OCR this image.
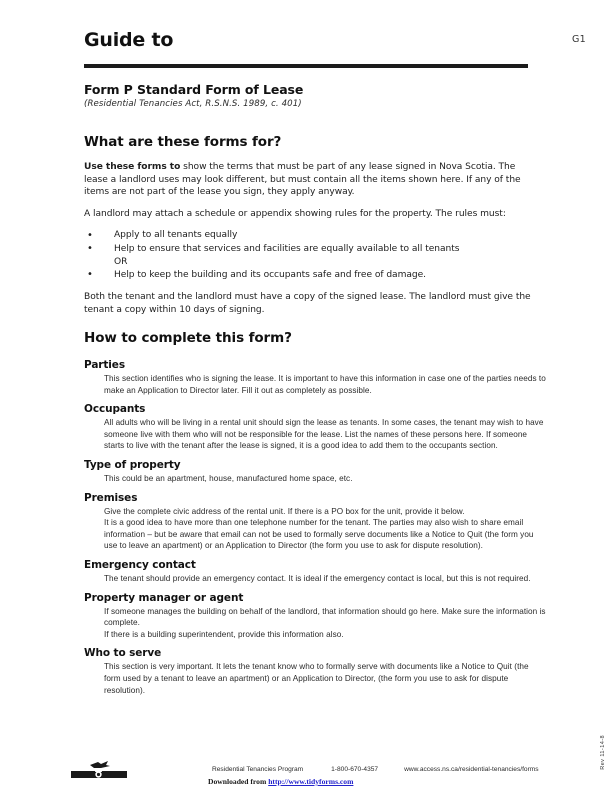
Guide to	G1
Form P Standard Form of Lease
(Residential Tenancies Act, R.S.N.S. 1989, c. 401)
What are these forms for?
Use these forms to show the terms that must be part of any lease signed in Nova Scotia. The lease a landlord uses may look different, but must contain all the items shown here. If any of the items are not part of the lease you sign, they apply anyway.
A landlord may attach a schedule or appendix showing rules for the property. The rules must:
• Apply to all tenants equally
• Help to ensure that services and facilities are equally available to all tenants
OR
• Help to keep the building and its occupants safe and free of damage.
Both the tenant and the landlord must have a copy of the signed lease. The landlord must give the tenant a copy within 10 days of signing.
How to complete this form?
Parties
This section identifies who is signing the lease. It is important to have this information in case one of the parties needs to make an Application to Director later. Fill it out as completely as possible.
Occupants
All adults who will be living in a rental unit should sign the lease as tenants. In some cases, the tenant may wish to have someone live with them who will not be responsible for the lease. List the names of these persons here. If someone starts to live with the tenant after the lease is signed, it is a good idea to add them to the occupants section.
Type of property
This could be an apartment, house, manufactured home space, etc.
Premises
Give the complete civic address of the rental unit. If there is a PO box for the unit, provide it below.
It is a good idea to have more than one telephone number for the tenant. The parties may also wish to share email information – but be aware that email can not be used to formally serve documents like a Notice to Quit (the form you use to leave an apartment) or an Application to Director (the form you use to ask for dispute resolution).
Emergency contact
The tenant should provide an emergency contact. It is ideal if the emergency contact is local, but this is not required.
Property manager or agent
If someone manages the building on behalf of the landlord, that information should go here. Make sure the information is complete.
If there is a building superintendent, provide this information also.
Who to serve
This section is very important. It lets the tenant know who to formally serve with documents like a Notice to Quit (the form used by a tenant to leave an apartment) or an Application to Director, (the form you use to ask for dispute resolution).
Residential Tenancies Program	1-800-670-4357	www.access.ns.ca/residential-tenancies/forms
Downloaded from http://www.tidyforms.com
Rev 11-14-8
